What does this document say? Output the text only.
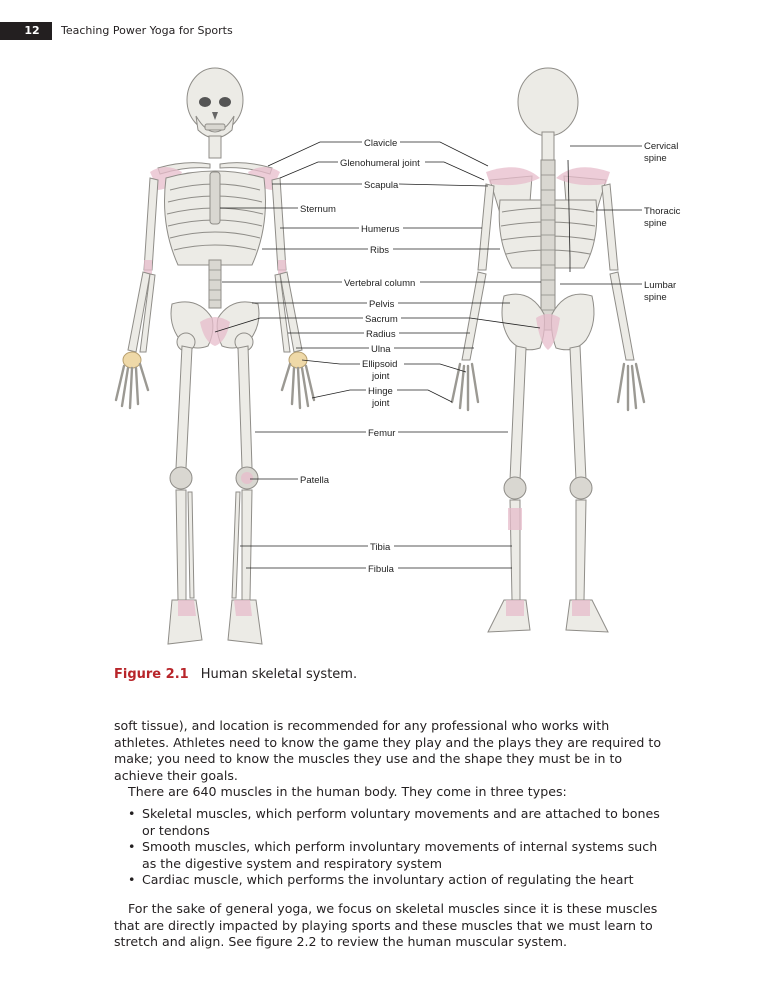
12	Teaching Power Yoga for Sports
Clavicle
Glenohumeral joint
Scapula
Sternum
Humerus
Ribs
Vertebral column
Pelvis
Sacrum
Radius
Ulna
Ellipsoid
joint
Hinge
joint
Femur
Patella
Tibia
Fibula
Cervical
spine
Thoracic
spine
Lumbar
spine
Figure 2.1 Human skeletal system.

soft tissue), and location is recommended for any professional who works with athletes. Athletes need to know the game they play and the plays they are required to make; you need to know the muscles they use and the shape they must be in to achieve their goals.

There are 640 muscles in the human body. They come in three types:

• Skeletal muscles, which perform voluntary movements and are attached to bones or tendons
• Smooth muscles, which perform involuntary movements of internal systems such as the digestive system and respiratory system
• Cardiac muscle, which performs the involuntary action of regulating the heart

For the sake of general yoga, we focus on skeletal muscles since it is these muscles that are directly impacted by playing sports and these muscles that we must learn to stretch and align. See figure 2.2 to review the human muscular system.
